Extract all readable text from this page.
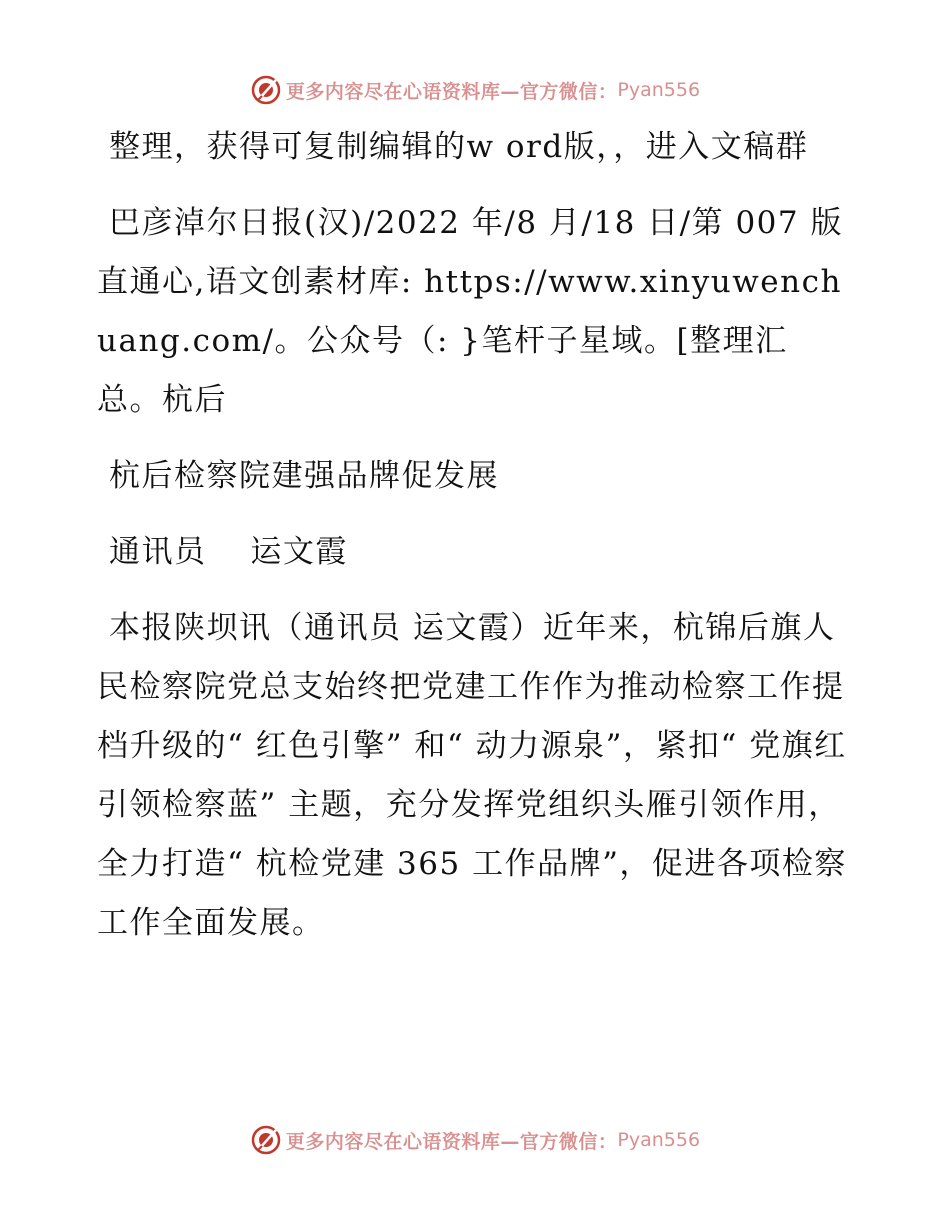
更多内容尽在心语资料库—官方微信： Pyan556

整理，获得可复制编辑的w ord版，，进入文稿群

巴彦淖尔日报(汉)/2022 年/8 月/18 日/第 007 版直通心,语文创素材库: https://www.xinyuwenchuang.com/。公众号（: }笔杆子星域。[整理汇总。杭后

杭后检察院建强品牌促发展

通讯员　 运文霞

本报陕坝讯（通讯员 运文霞）近年来，杭锦后旗人民检察院党总支始终把党建工作作为推动检察工作提档升级的“ 红色引擎” 和“ 动力源泉”，紧扣“ 党旗红引领检察蓝” 主题，充分发挥党组织头雁引领作用，全力打造“ 杭检党建 365 工作品牌”，促进各项检察工作全面发展。

更多内容尽在心语资料库—官方微信： Pyan556
